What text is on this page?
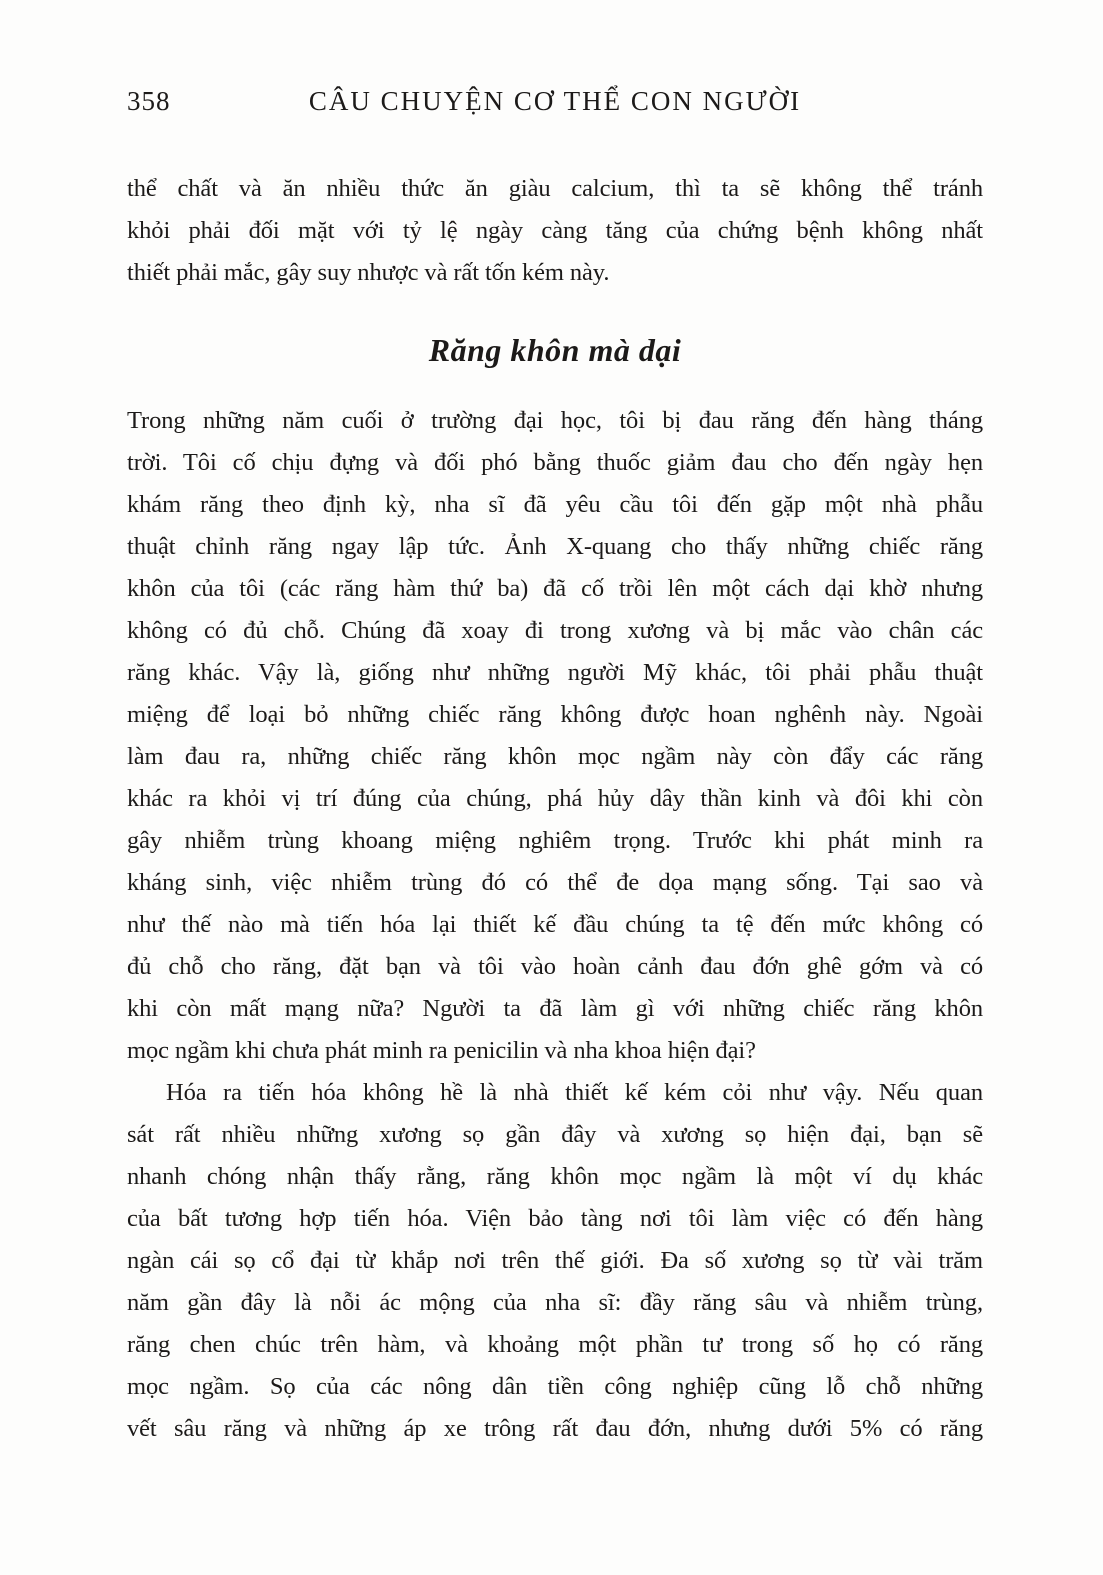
358	CÂU CHUYỆN CƠ THỂ CON NGƯỜI

thể chất và ăn nhiều thức ăn giàu calcium, thì ta sẽ không thể tránh
khỏi phải đối mặt với tỷ lệ ngày càng tăng của chứng bệnh không nhất
thiết phải mắc, gây suy nhược và rất tốn kém này.

Răng khôn mà dại

Trong những năm cuối ở trường đại học, tôi bị đau răng đến hàng tháng
trời. Tôi cố chịu đựng và đối phó bằng thuốc giảm đau cho đến ngày hẹn
khám răng theo định kỳ, nha sĩ đã yêu cầu tôi đến gặp một nhà phẫu
thuật chỉnh răng ngay lập tức. Ảnh X-quang cho thấy những chiếc răng
khôn của tôi (các răng hàm thứ ba) đã cố trồi lên một cách dại khờ nhưng
không có đủ chỗ. Chúng đã xoay đi trong xương và bị mắc vào chân các
răng khác. Vậy là, giống như những người Mỹ khác, tôi phải phẫu thuật
miệng để loại bỏ những chiếc răng không được hoan nghênh này. Ngoài
làm đau ra, những chiếc răng khôn mọc ngầm này còn đẩy các răng
khác ra khỏi vị trí đúng của chúng, phá hủy dây thần kinh và đôi khi còn
gây nhiễm trùng khoang miệng nghiêm trọng. Trước khi phát minh ra
kháng sinh, việc nhiễm trùng đó có thể đe dọa mạng sống. Tại sao và
như thế nào mà tiến hóa lại thiết kế đầu chúng ta tệ đến mức không có
đủ chỗ cho răng, đặt bạn và tôi vào hoàn cảnh đau đớn ghê gớm và có
khi còn mất mạng nữa? Người ta đã làm gì với những chiếc răng khôn
mọc ngầm khi chưa phát minh ra penicilin và nha khoa hiện đại?

Hóa ra tiến hóa không hề là nhà thiết kế kém cỏi như vậy. Nếu quan
sát rất nhiều những xương sọ gần đây và xương sọ hiện đại, bạn sẽ
nhanh chóng nhận thấy rằng, răng khôn mọc ngầm là một ví dụ khác
của bất tương hợp tiến hóa. Viện bảo tàng nơi tôi làm việc có đến hàng
ngàn cái sọ cổ đại từ khắp nơi trên thế giới. Đa số xương sọ từ vài trăm
năm gần đây là nỗi ác mộng của nha sĩ: đầy răng sâu và nhiễm trùng,
răng chen chúc trên hàm, và khoảng một phần tư trong số họ có răng
mọc ngầm. Sọ của các nông dân tiền công nghiệp cũng lỗ chỗ những
vết sâu răng và những áp xe trông rất đau đớn, nhưng dưới 5% có răng
